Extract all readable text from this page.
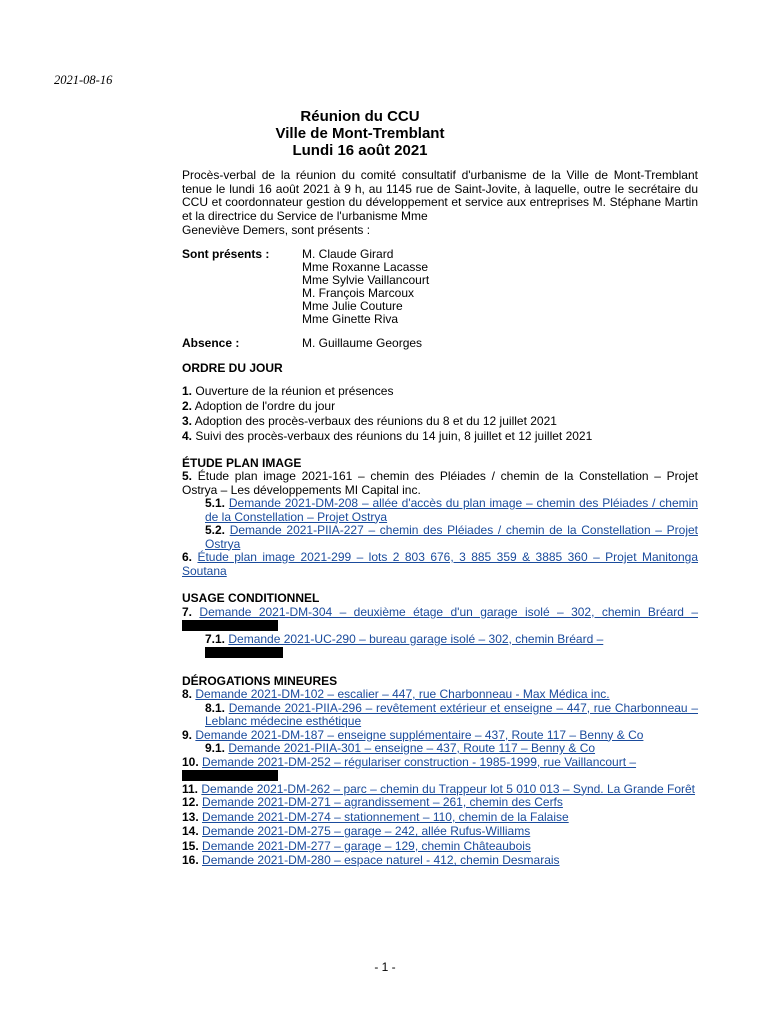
2021-08-16
Réunion du CCU
Ville de Mont-Tremblant
Lundi 16 août 2021
Procès-verbal de la réunion du comité consultatif d'urbanisme de la Ville de Mont-Tremblant tenue le lundi 16 août 2021 à 9 h, au 1145 rue de Saint-Jovite, à laquelle, outre le secrétaire du CCU et coordonnateur gestion du développement et service aux entreprises M. Stéphane Martin et la directrice du Service de l'urbanisme Mme
Geneviève Demers, sont présents :
Sont présents :	M. Claude Girard
Mme Roxanne Lacasse
Mme Sylvie Vaillancourt
M. François Marcoux
Mme Julie Couture
Mme Ginette Riva
Absence :	M. Guillaume Georges
ORDRE DU JOUR
1. Ouverture de la réunion et présences
2. Adoption de l'ordre du jour
3. Adoption des procès-verbaux des réunions du 8 et du 12 juillet 2021
4. Suivi des procès-verbaux des réunions du 14 juin, 8 juillet et 12 juillet 2021
ÉTUDE PLAN IMAGE
5. Étude plan image 2021-161 – chemin des Pléiades / chemin de la Constellation – Projet Ostrya – Les développements MI Capital inc.
5.1. Demande 2021-DM-208 – allée d'accès du plan image – chemin des Pléiades / chemin de la Constellation – Projet Ostrya
5.2. Demande 2021-PIIA-227 – chemin des Pléiades / chemin de la Constellation – Projet Ostrya
6. Étude plan image 2021-299 – lots 2 803 676, 3 885 359 & 3885 360 – Projet Manitonga Soutana
USAGE CONDITIONNEL
7. Demande 2021-DM-304 – deuxième étage d'un garage isolé – 302, chemin Bréard –
7.1. Demande 2021-UC-290 – bureau garage isolé – 302, chemin Bréard –

DÉROGATIONS MINEURES
8. Demande 2021-DM-102 – escalier – 447, rue Charbonneau - Max Médica inc.
8.1. Demande 2021-PIIA-296 – revêtement extérieur et enseigne – 447, rue Charbonneau – Leblanc médecine esthétique
9. Demande 2021-DM-187 – enseigne supplémentaire – 437, Route 117 – Benny & Co
9.1. Demande 2021-PIIA-301 – enseigne – 437, Route 117 – Benny & Co
10. Demande 2021-DM-252 – régulariser construction - 1985-1999, rue Vaillancourt –

11. Demande 2021-DM-262 – parc – chemin du Trappeur lot 5 010 013 – Synd. La Grande Forêt
12. Demande 2021-DM-271 – agrandissement – 261, chemin des Cerfs
13. Demande 2021-DM-274 – stationnement – 110, chemin de la Falaise
14. Demande 2021-DM-275 – garage – 242, allée Rufus-Williams
15. Demande 2021-DM-277 – garage – 129, chemin Châteaubois
16. Demande 2021-DM-280 – espace naturel - 412, chemin Desmarais
- 1 -
